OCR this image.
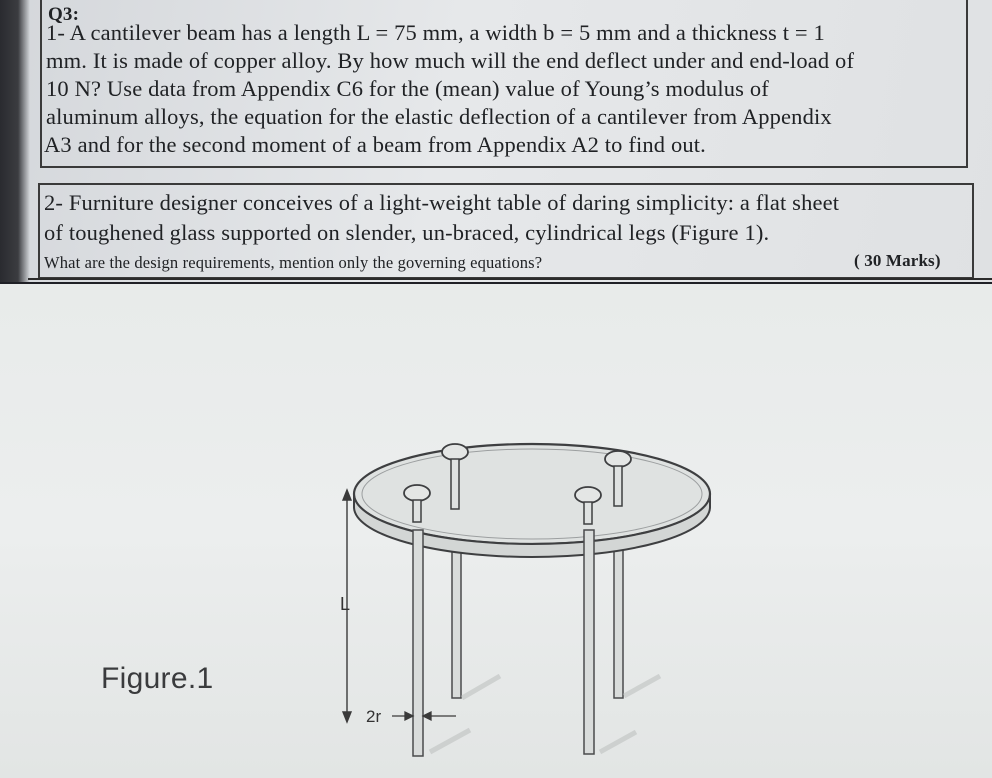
Q3:
1- A cantilever beam has a length L = 75 mm, a width b = 5 mm and a thickness t = 1
mm. It is made of copper alloy. By how much will the end deflect under and end-load of
10 N? Use data from Appendix C6 for the (mean) value of Young’s modulus of
aluminum alloys, the equation for the elastic deflection of a cantilever from Appendix
A3 and for the second moment of a beam from Appendix A2 to find out.
2- Furniture designer conceives of a light-weight table of daring simplicity: a flat sheet
of toughened glass supported on slender, un-braced, cylindrical legs (Figure 1).
What are the design requirements, mention only the governing equations?	( 30 Marks)
L
2r
Figure.1
